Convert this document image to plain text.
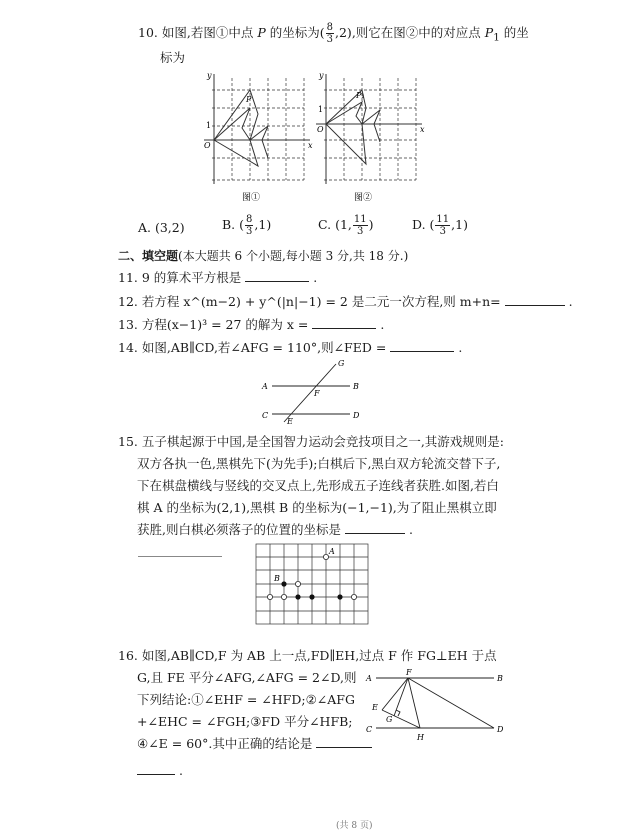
10. 如图,若图①中点 P 的坐标为( $\frac{8}{3} ,2$),则它在图②中的对应点 $P_1$ 的坐
标为
y
x
O
1
P
图①
y
x
O
1
P₁
图②
A. (3,2)	B. ( $\frac{8}{3} ,1$)	C. (1, $\frac{11}{3}$ )	D. ( $\frac{11}{3} ,1$)
二、填空题(本大题共 6 个小题,每小题 3 分,共 18 分.)
11. 9 的算术平方根是	.
12. 若方程 x^(m−2) + y^(|n|−1) = 2 是二元一次方程,则 m+n=	.
13. 方程(x−1)³ = 27 的解为 x =	.
14. 如图,AB∥CD,若∠AFG = 110°,则∠FED =	.
A	B
C	D
E
F
G
15. 五子棋起源于中国,是全国智力运动会竞技项目之一,其游戏规则是:
双方各执一色,黑棋先下(为先手);白棋后下,黑白双方轮流交替下子,
下在棋盘横线与竖线的交叉点上,先形成五子连线者获胜.如图,若白
棋 A 的坐标为(2,1),黑棋 B 的坐标为(−1,−1),为了阻止黑棋立即
获胜,则白棋必须落子的位置的坐标是	.
A
B
16. 如图,AB∥CD,F 为 AB 上一点,FD∥EH,过点 F 作 FG⊥EH 于点
G,且 FE 平分∠AFG,∠AFG = 2∠D,则
下列结论:①∠EHF = ∠HFD;②∠AFG
+∠EHC = ∠FGH;③FD 平分∠HFB;
④∠E = 60°.其中正确的结论是
.
A	B
C	D
E
F
G
H
(共 8 页)
